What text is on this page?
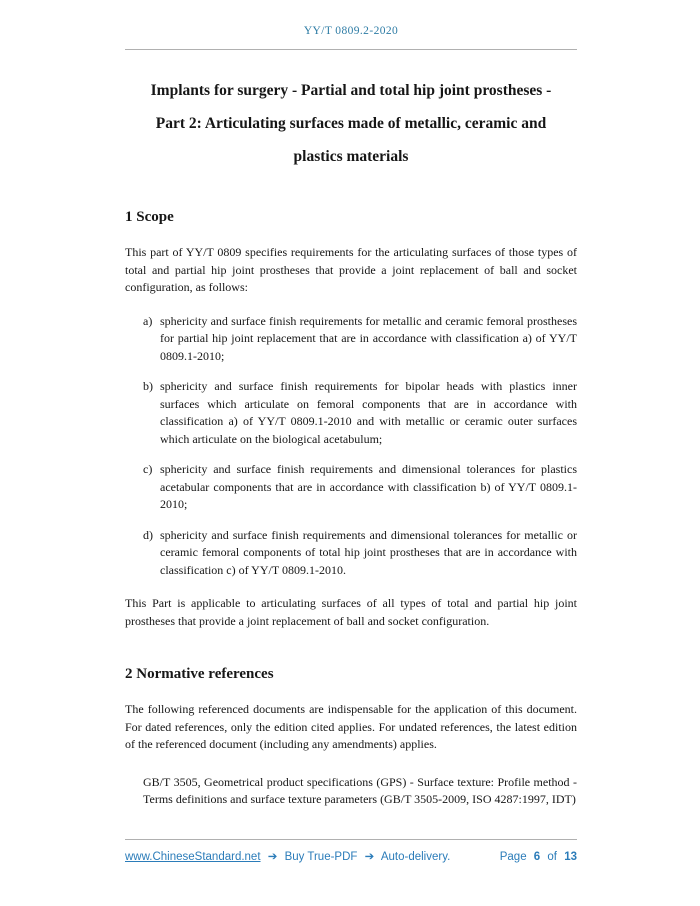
YY/T 0809.2-2020
Implants for surgery - Partial and total hip joint prostheses -
Part 2: Articulating surfaces made of metallic, ceramic and
plastics materials
1 Scope

This part of YY/T 0809 specifies requirements for the articulating surfaces of those types of total and partial hip joint prostheses that provide a joint replacement of ball and socket configuration, as follows:

a) sphericity and surface finish requirements for metallic and ceramic femoral prostheses for partial hip joint replacement that are in accordance with classification a) of YY/T 0809.1-2010;
b) sphericity and surface finish requirements for bipolar heads with plastics inner surfaces which articulate on femoral components that are in accordance with classification a) of YY/T 0809.1-2010 and with metallic or ceramic outer surfaces which articulate on the biological acetabulum;
c) sphericity and surface finish requirements and dimensional tolerances for plastics acetabular components that are in accordance with classification b) of YY/T 0809.1-2010;
d) sphericity and surface finish requirements and dimensional tolerances for metallic or ceramic femoral components of total hip joint prostheses that are in accordance with classification c) of YY/T 0809.1-2010.

This Part is applicable to articulating surfaces of all types of total and partial hip joint prostheses that provide a joint replacement of ball and socket configuration.

2 Normative references

The following referenced documents are indispensable for the application of this document. For dated references, only the edition cited applies. For undated references, the latest edition of the referenced document (including any amendments) applies.

GB/T 3505, Geometrical product specifications (GPS) - Surface texture: Profile method - Terms definitions and surface texture parameters (GB/T 3505-2009, ISO 4287:1997, IDT)

www.ChineseStandard.net ➔ Buy True-PDF ➔ Auto-delivery.	Page 6 of 13
